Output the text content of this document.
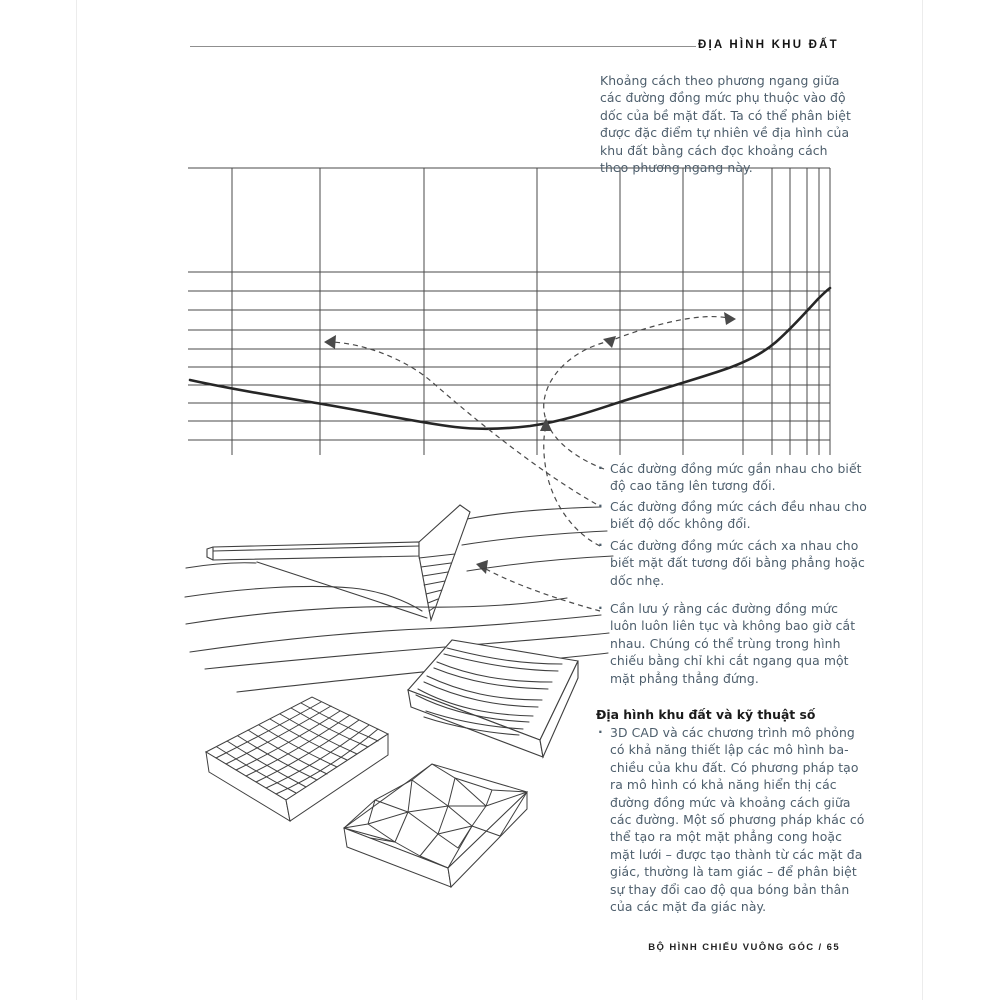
ĐỊA HÌNH KHU ĐẤT
Khoảng cách theo phương ngang giữa các đường đồng mức phụ thuộc vào độ dốc của bề mặt đất. Ta có thể phân biệt được đặc điểm tự nhiên về địa hình của khu đất bằng cách đọc khoảng cách theo phương ngang này.
· Các đường đồng mức gần nhau cho biết độ cao tăng lên tương đối.
· Các đường đồng mức cách đều nhau cho biết độ dốc không đổi.
· Các đường đồng mức cách xa nhau cho biết mặt đất tương đối bằng phẳng hoặc dốc nhẹ.
· Cần lưu ý rằng các đường đồng mức luôn luôn liên tục và không bao giờ cắt nhau. Chúng có thể trùng trong hình chiếu bằng chỉ khi cắt ngang qua một mặt phẳng thẳng đứng.
Địa hình khu đất và kỹ thuật số
· 3D CAD và các chương trình mô phỏng có khả năng thiết lập các mô hình ba-chiều của khu đất. Có phương pháp tạo ra mô hình có khả năng hiển thị các đường đồng mức và khoảng cách giữa các đường. Một số phương pháp khác có thể tạo ra một mặt phẳng cong hoặc mặt lưới – được tạo thành từ các mặt đa giác, thường là tam giác – để phân biệt sự thay đổi cao độ qua bóng bản thân của các mặt đa giác này.
BỘ HÌNH CHIẾU VUÔNG GÓC / 65
